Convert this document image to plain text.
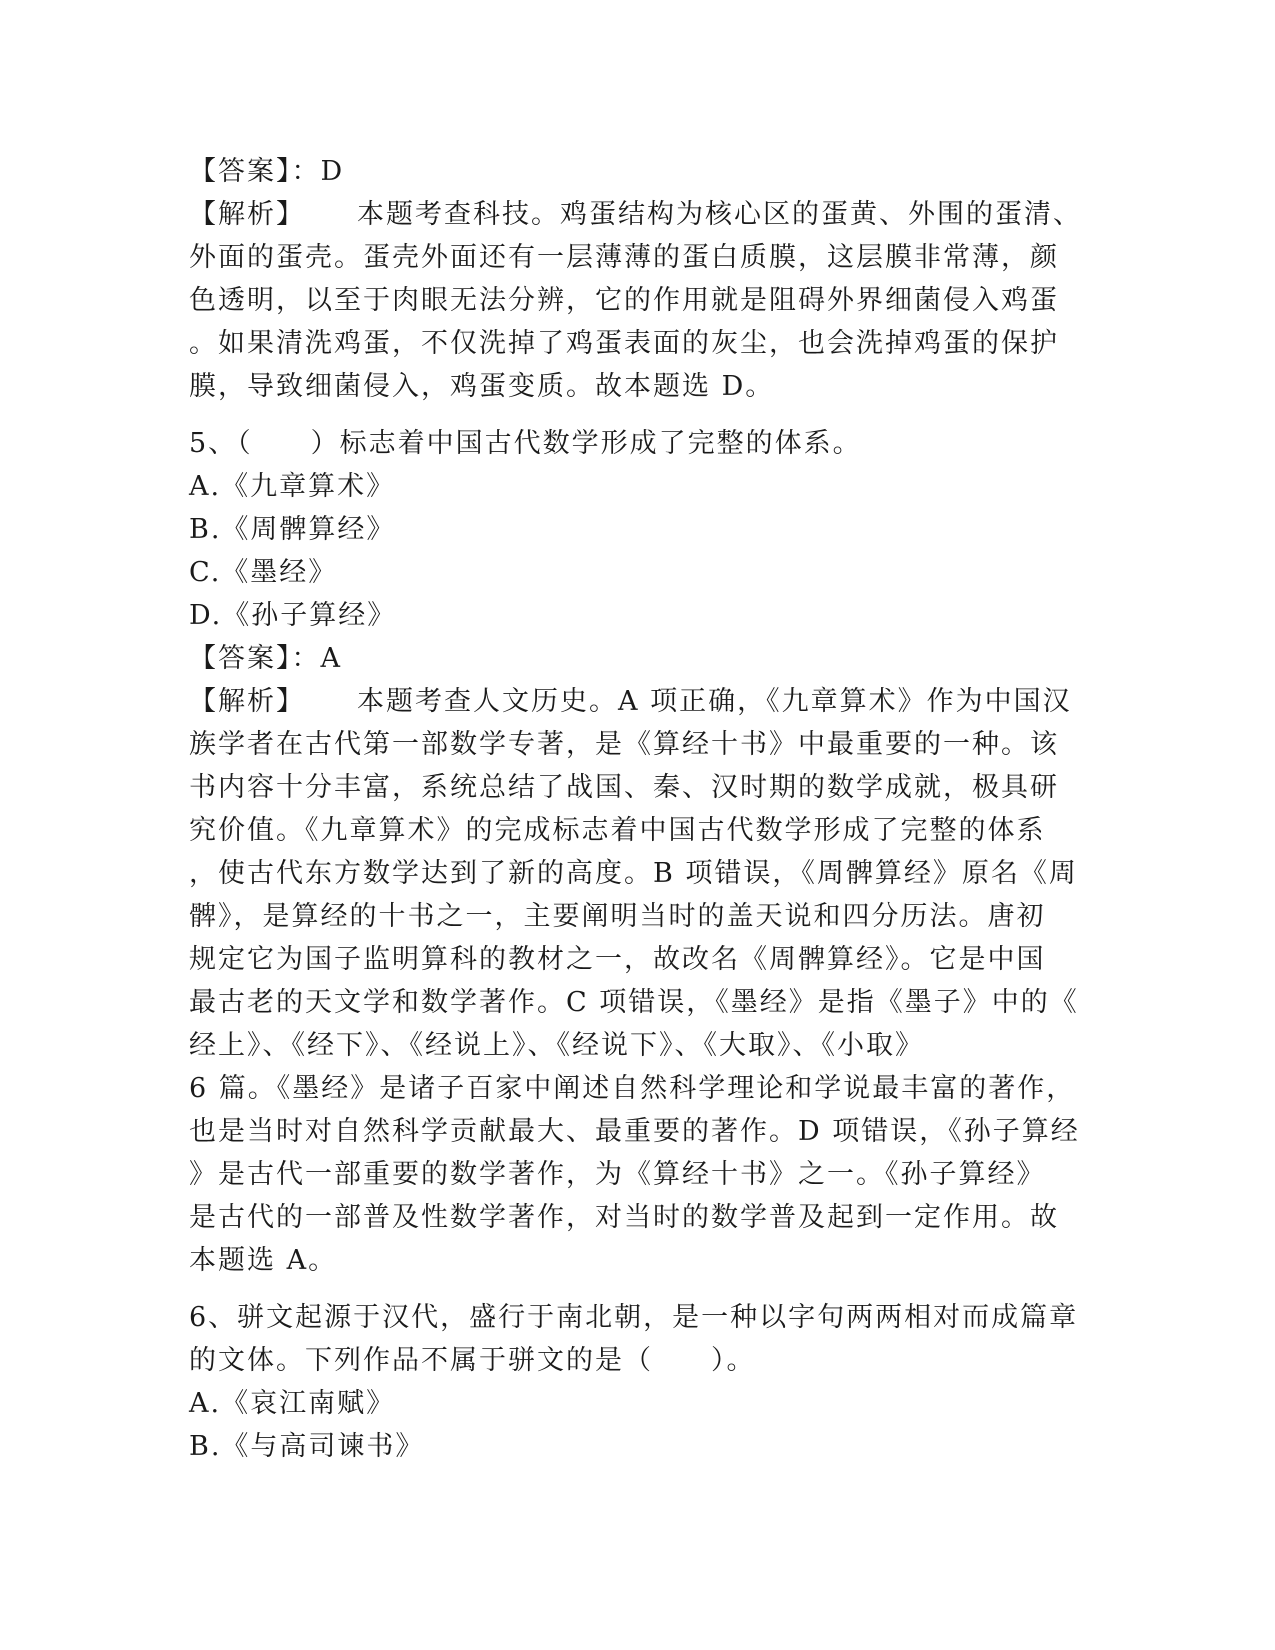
【答案】：D
【解析】 本题考查科技。鸡蛋结构为核心区的蛋黄、外围的蛋清、
外面的蛋壳。蛋壳外面还有一层薄薄的蛋白质膜，这层膜非常薄，颜
色透明，以至于肉眼无法分辨，它的作用就是阻碍外界细菌侵入鸡蛋
。如果清洗鸡蛋，不仅洗掉了鸡蛋表面的灰尘，也会洗掉鸡蛋的保护
膜，导致细菌侵入，鸡蛋变质。故本题选 D。
5、（　　）标志着中国古代数学形成了完整的体系。
A.《九章算术》
B.《周髀算经》
C.《墨经》
D.《孙子算经》
【答案】：A
【解析】 本题考查人文历史。A 项正确，《九章算术》作为中国汉
族学者在古代第一部数学专著，是《算经十书》中最重要的一种。该
书内容十分丰富，系统总结了战国、秦、汉时期的数学成就，极具研
究价值。《九章算术》的完成标志着中国古代数学形成了完整的体系
，使古代东方数学达到了新的高度。B 项错误，《周髀算经》原名《周
髀》，是算经的十书之一，主要阐明当时的盖天说和四分历法。唐初
规定它为国子监明算科的教材之一，故改名《周髀算经》。它是中国
最古老的天文学和数学著作。C 项错误，《墨经》是指《墨子》中的《
经上》、《经下》、《经说上》、《经说下》、《大取》、《小取》
6 篇。《墨经》是诸子百家中阐述自然科学理论和学说最丰富的著作，
也是当时对自然科学贡献最大、最重要的著作。D 项错误，《孙子算经
》是古代一部重要的数学著作，为《算经十书》之一。《孙子算经》
是古代的一部普及性数学著作，对当时的数学普及起到一定作用。故
本题选 A。
6、骈文起源于汉代，盛行于南北朝，是一种以字句两两相对而成篇章
的文体。下列作品不属于骈文的是（　　）。
A.《哀江南赋》
B.《与高司谏书》
